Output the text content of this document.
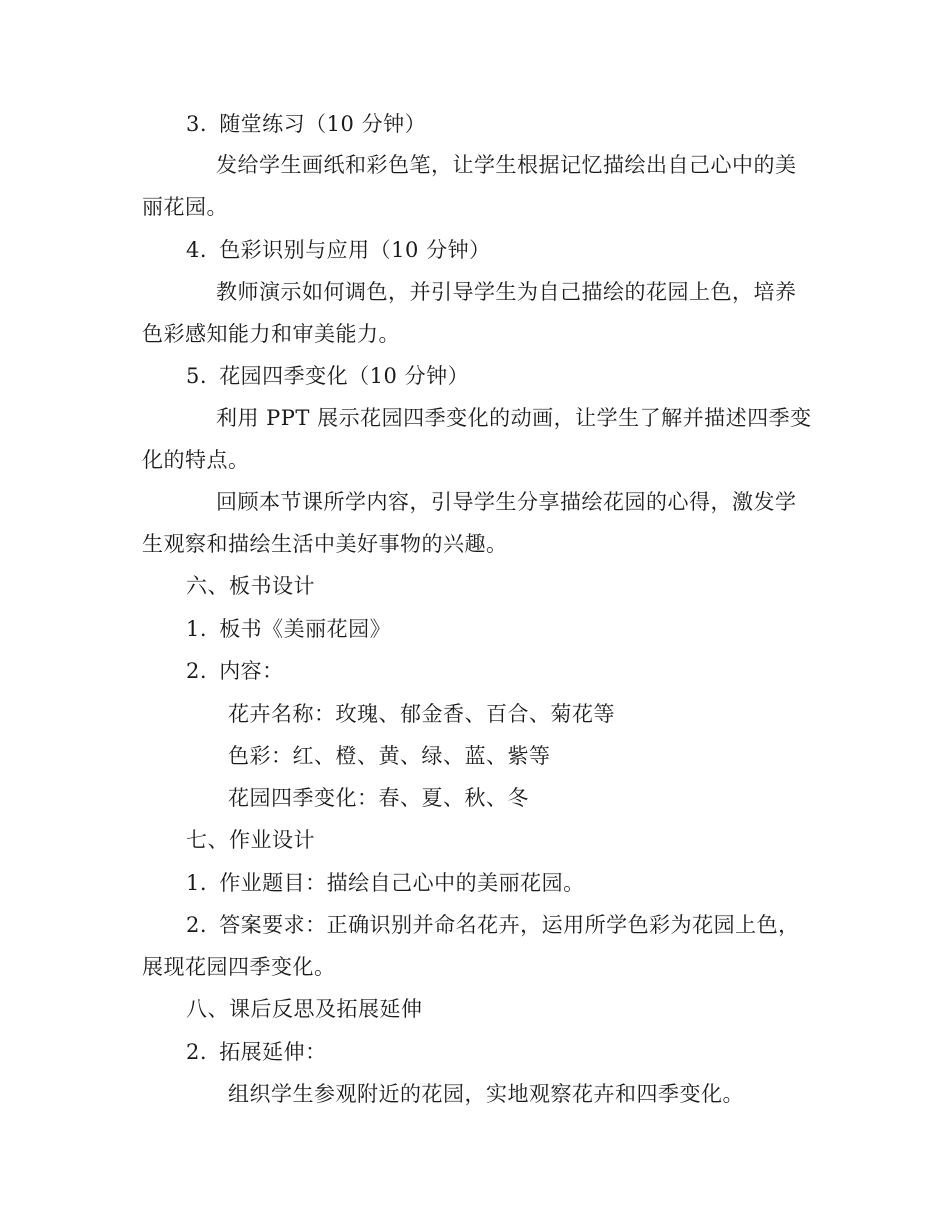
3. 随堂练习（10 分钟）
发给学生画纸和彩色笔，让学生根据记忆描绘出自己心中的美
丽花园。
4. 色彩识别与应用（10 分钟）
教师演示如何调色，并引导学生为自己描绘的花园上色，培养
色彩感知能力和审美能力。
5. 花园四季变化（10 分钟）
利用 PPT 展示花园四季变化的动画，让学生了解并描述四季变
化的特点。
回顾本节课所学内容，引导学生分享描绘花园的心得，激发学
生观察和描绘生活中美好事物的兴趣。
六、板书设计
1. 板书《美丽花园》
2. 内容：
花卉名称：玫瑰、郁金香、百合、菊花等
色彩：红、橙、黄、绿、蓝、紫等
花园四季变化：春、夏、秋、冬
七、作业设计
1. 作业题目：描绘自己心中的美丽花园。
2. 答案要求：正确识别并命名花卉，运用所学色彩为花园上色，
展现花园四季变化。
八、课后反思及拓展延伸
2. 拓展延伸：
组织学生参观附近的花园，实地观察花卉和四季变化。
